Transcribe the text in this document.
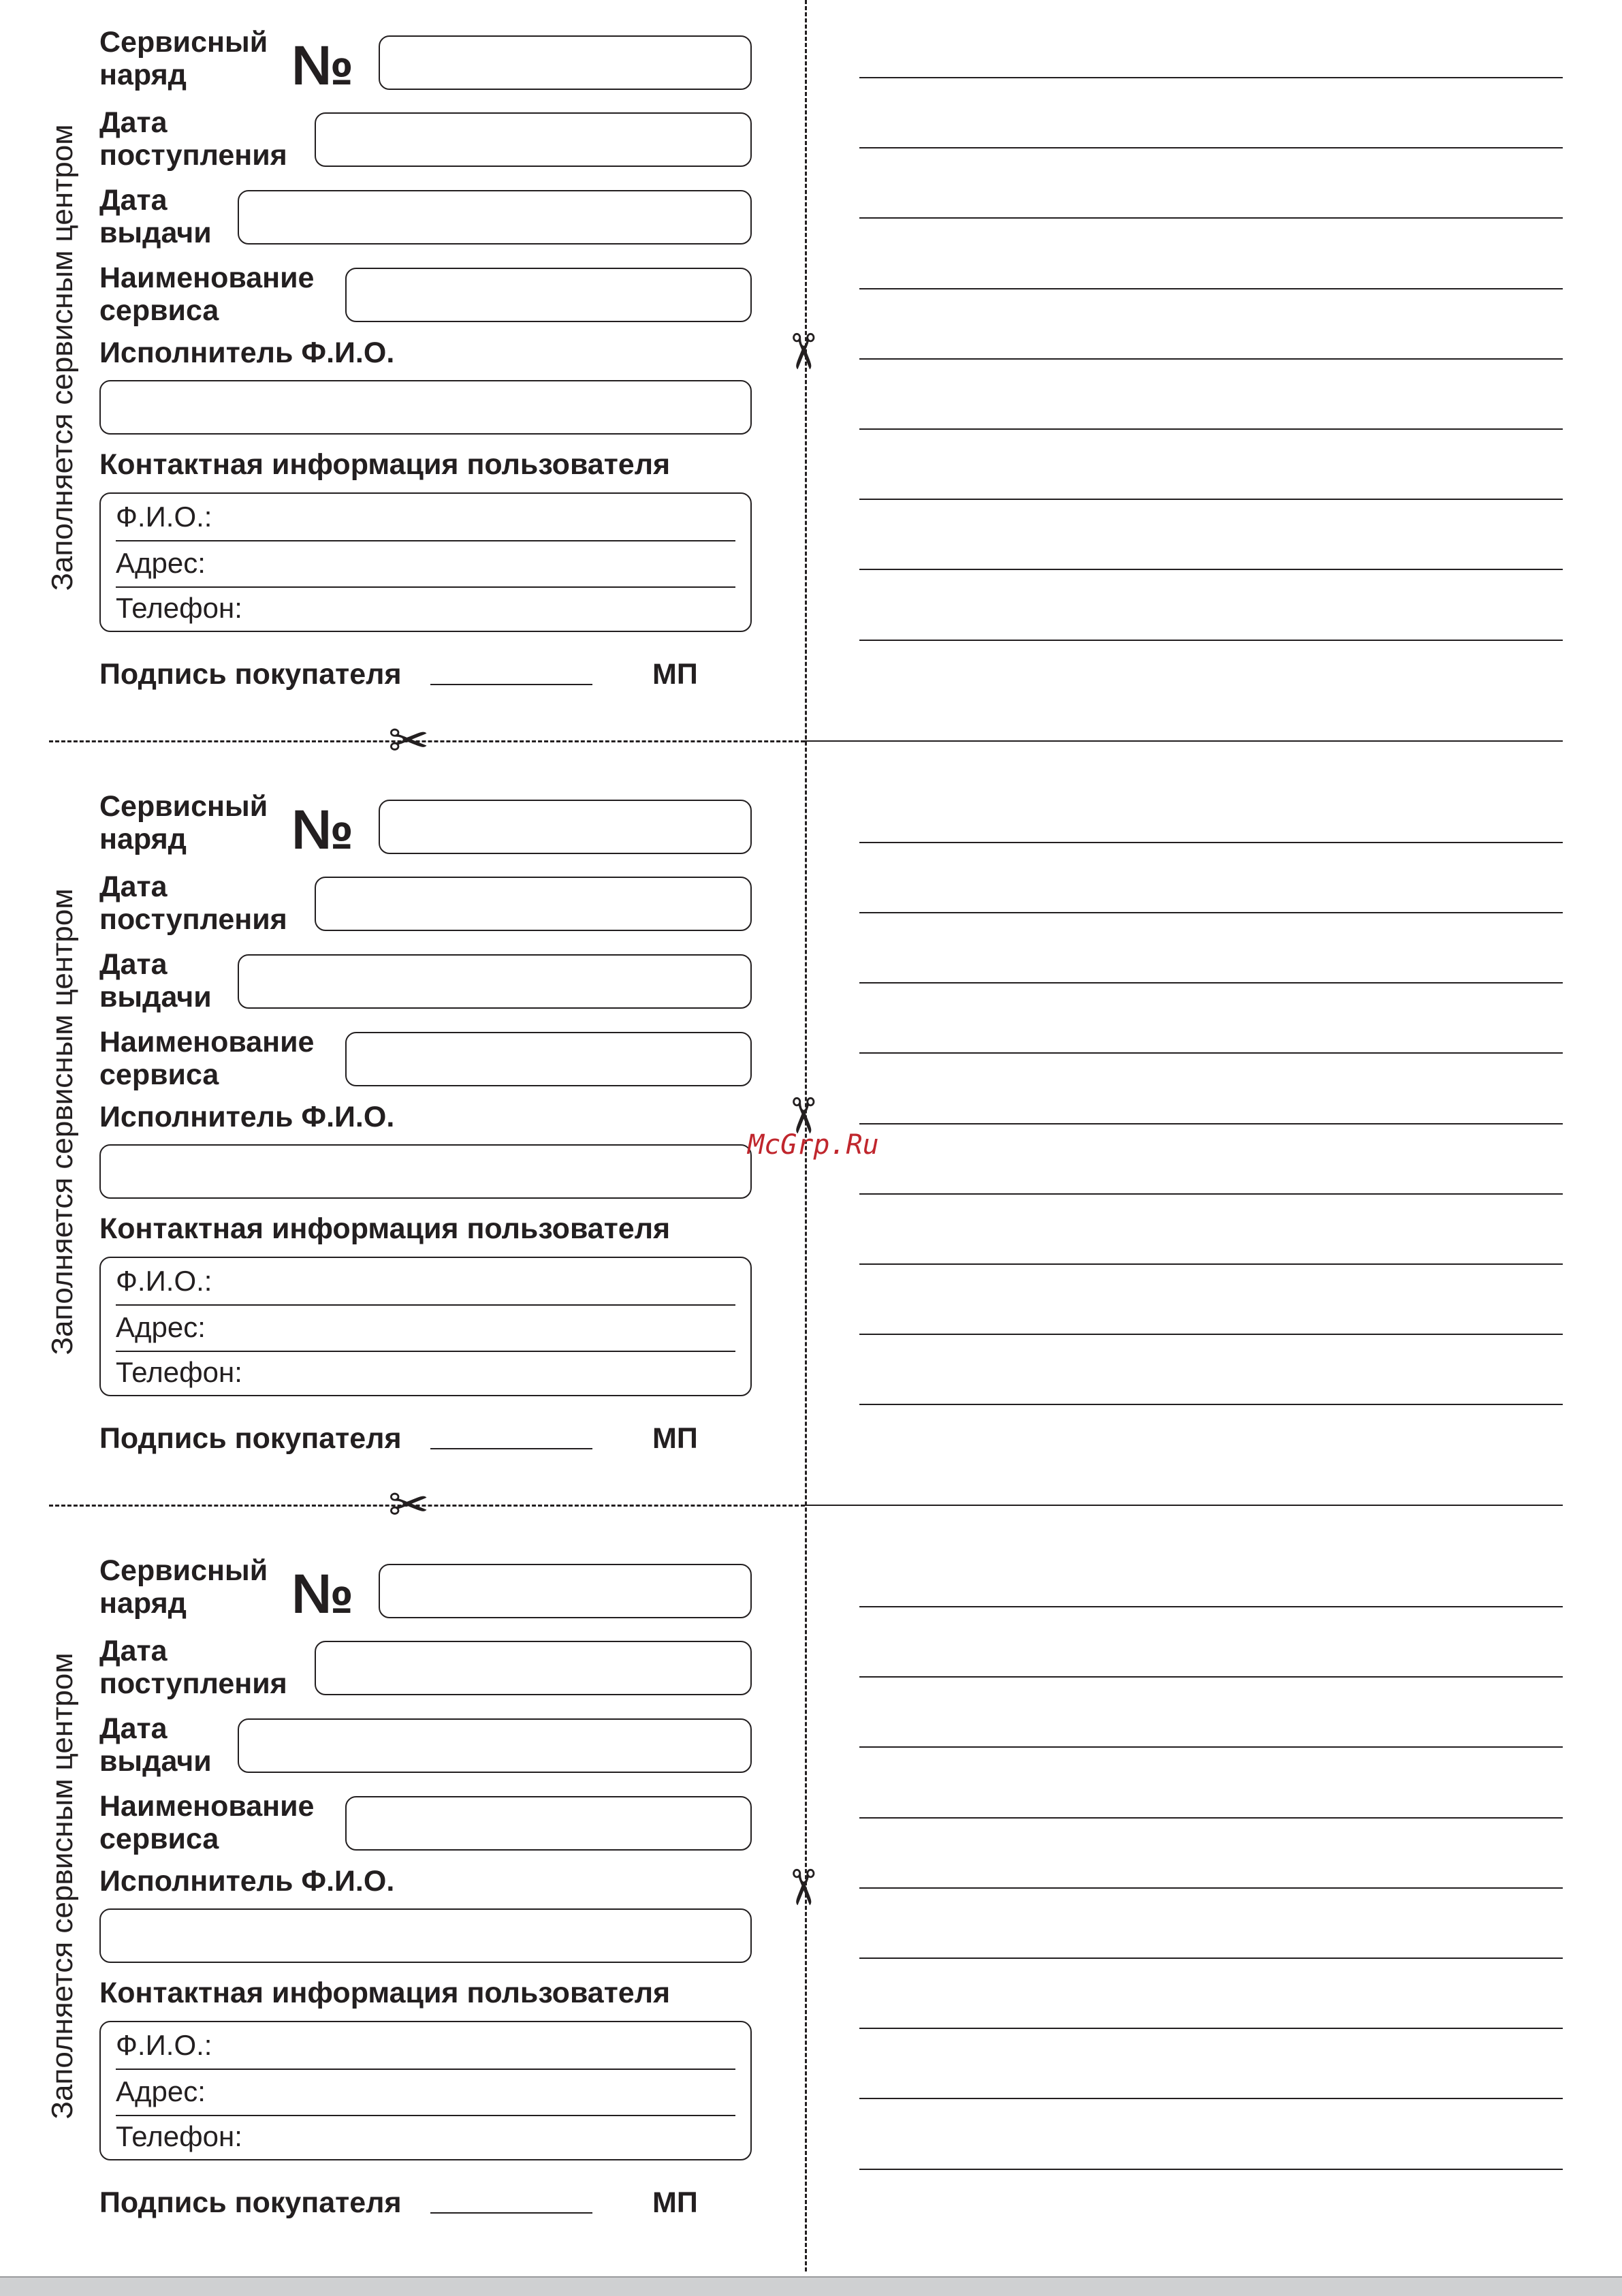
Заполняется сервисным центром
Сервисный
наряд	№
Дата
поступления
Дата
выдачи
Наименование
сервиса
Исполнитель Ф.И.О.
Контактная информация пользователя
Ф.И.О.:
Адрес:
Телефон:
Подпись покупателя	МП
Заполняется сервисным центром
Сервисный
наряд	№
Дата
поступления
Дата
выдачи
Наименование
сервиса
Исполнитель Ф.И.О.
Контактная информация пользователя
Ф.И.О.:
Адрес:
Телефон:
Подпись покупателя	МП
Заполняется сервисным центром
Сервисный
наряд	№
Дата
поступления
Дата
выдачи
Наименование
сервиса
Исполнитель Ф.И.О.
Контактная информация пользователя
Ф.И.О.:
Адрес:
Телефон:
Подпись покупателя	МП
✂
✂
✂
✂
✂
McGrp.Ru
